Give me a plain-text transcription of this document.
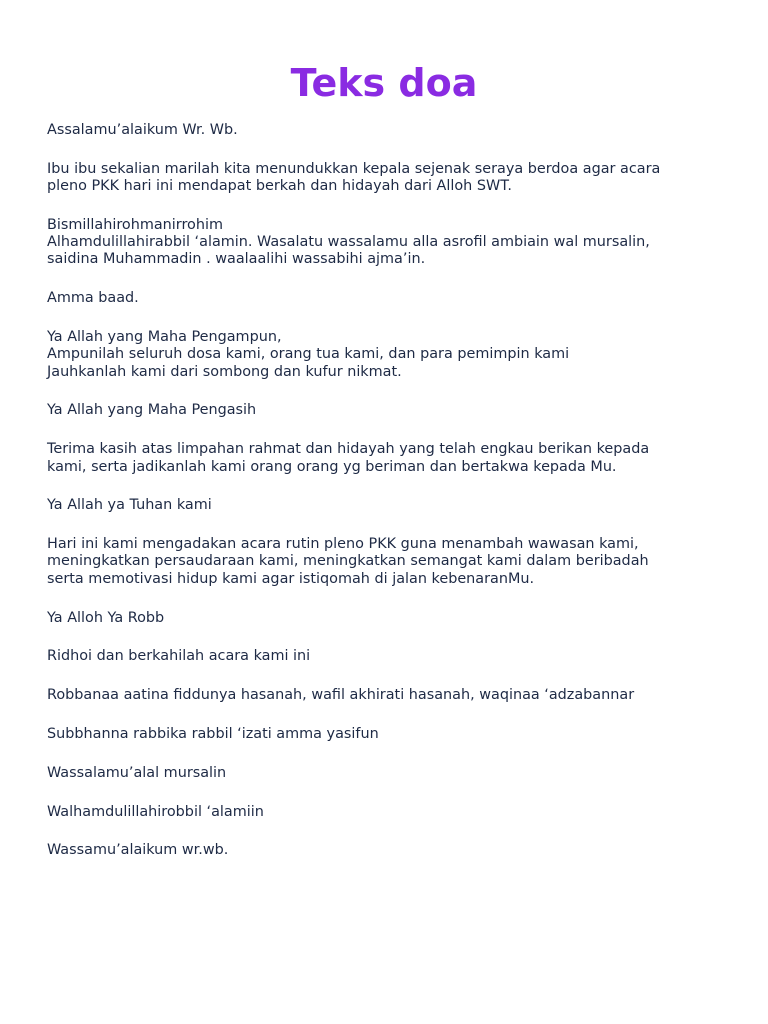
Teks doa

Assalamu’alaikum Wr. Wb.

Ibu ibu sekalian marilah kita menundukkan kepala sejenak seraya berdoa agar acara
pleno PKK hari ini mendapat berkah dan hidayah dari Alloh SWT.

Bismillahirohmanirrohim
Alhamdulillahirabbil ‘alamin. Wasalatu wassalamu alla asrofil ambiain wal mursalin,
saidina Muhammadin . waalaalihi wassabihi ajma’in.

Amma baad.

Ya Allah yang Maha Pengampun,
Ampunilah seluruh dosa kami, orang tua kami, dan para pemimpin kami
Jauhkanlah kami dari sombong dan kufur nikmat.

Ya Allah yang Maha Pengasih

Terima kasih atas limpahan rahmat dan hidayah yang telah engkau berikan kepada
kami, serta jadikanlah kami orang orang yg beriman dan bertakwa kepada Mu.

Ya Allah ya Tuhan kami

Hari ini kami mengadakan acara rutin pleno PKK guna menambah wawasan kami,
meningkatkan persaudaraan kami, meningkatkan semangat kami dalam beribadah
serta memotivasi hidup kami agar istiqomah di jalan kebenaranMu.

Ya Alloh Ya Robb

Ridhoi dan berkahilah acara kami ini

Robbanaa aatina fiddunya hasanah, wafil akhirati hasanah, waqinaa ‘adzabannar

Subbhanna rabbika rabbil ‘izati amma yasifun

Wassalamu’alal mursalin

Walhamdulillahirobbil ‘alamiin

Wassamu’alaikum wr.wb.
